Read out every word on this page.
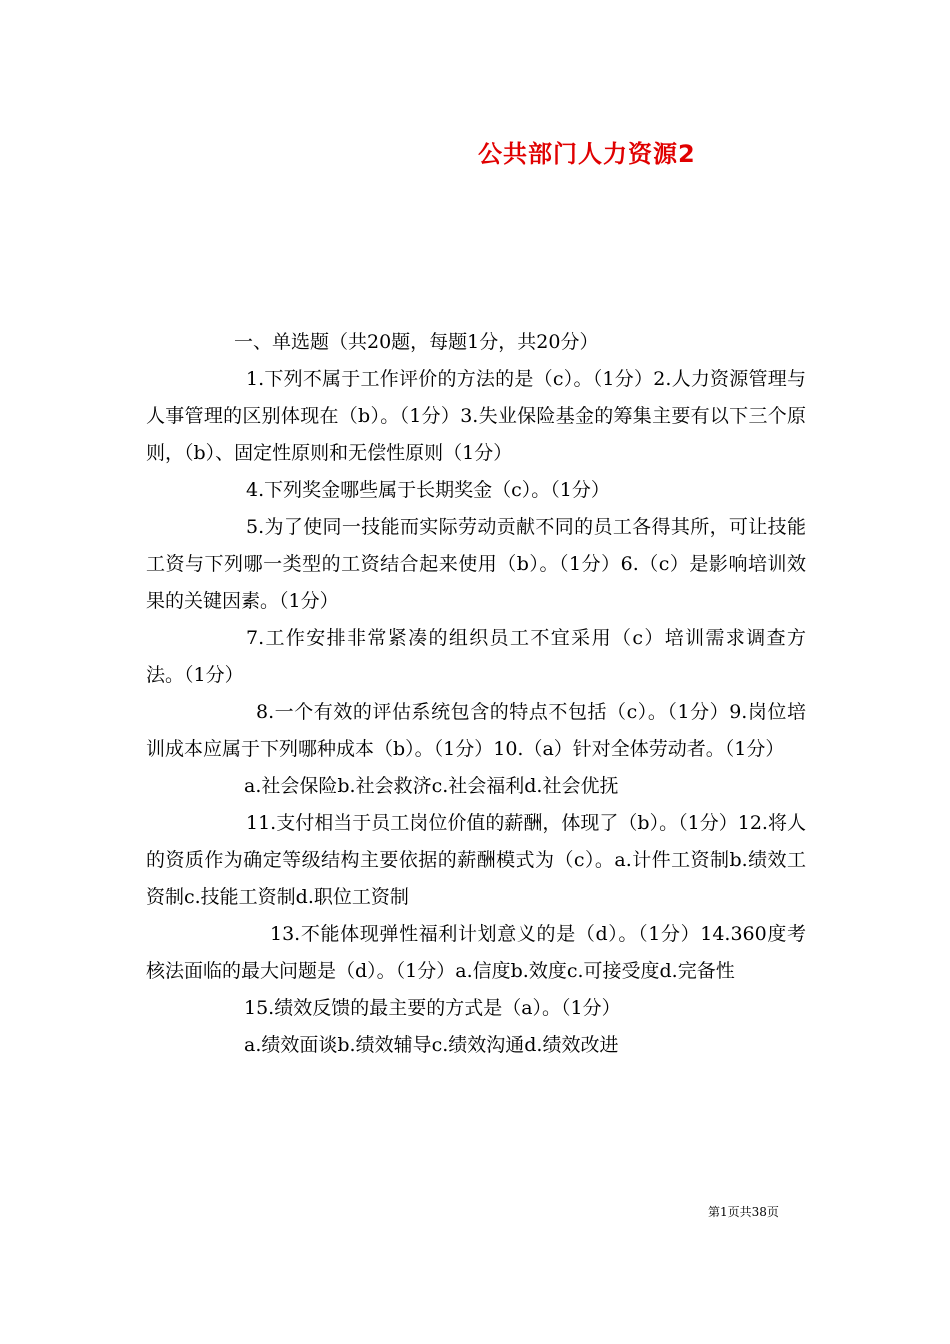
公共部门人力资源2

一、单选题（共20题，每题1分，共20分）

1.下列不属于工作评价的方法的是（c）。（1分）2.人力资源管理与人事管理的区别体现在（b）。（1分）3.失业保险基金的筹集主要有以下三个原则，（b）、固定性原则和无偿性原则（1分）

4.下列奖金哪些属于长期奖金（c）。（1分）

5.为了使同一技能而实际劳动贡献不同的员工各得其所，可让技能工资与下列哪一类型的工资结合起来使用（b）。（1分）6.（c）是影响培训效果的关键因素。（1分）

7.工作安排非常紧凑的组织员工不宜采用（c）培训需求调查方法。（1分）

8.一个有效的评估系统包含的特点不包括（c）。（1分）9.岗位培训成本应属于下列哪种成本（b）。（1分）10.（a）针对全体劳动者。（1分）

a.社会保险b.社会救济c.社会福利d.社会优抚

11.支付相当于员工岗位价值的薪酬，体现了（b）。（1分）12.将人的资质作为确定等级结构主要依据的薪酬模式为（c）。a.计件工资制b.绩效工资制c.技能工资制d.职位工资制

13.不能体现弹性福利计划意义的是（d）。（1分）14.360度考核法面临的最大问题是（d）。（1分）a.信度b.效度c.可接受度d.完备性

15.绩效反馈的最主要的方式是（a）。（1分）

a.绩效面谈b.绩效辅导c.绩效沟通d.绩效改进

第1页共38页
